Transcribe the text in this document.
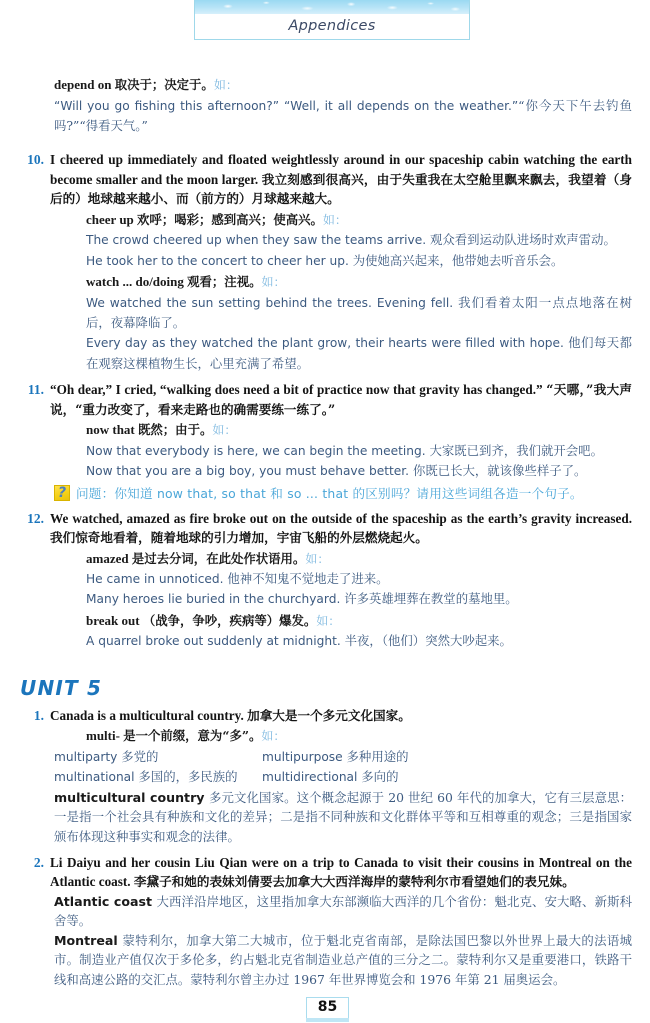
Appendices
depend on 取决于；决定于。如：
“Will you go fishing this afternoon?” “Well, it all depends on the weather.”“你今天下午去钓鱼吗?”“得看天气。”
10. I cheered up immediately and floated weightlessly around in our spaceship cabin watching the earth become smaller and the moon larger. 我立刻感到很高兴，由于失重我在太空舱里飘来飘去，我望着（身后的）地球越来越小、而（前方的）月球越来越大。
cheer up 欢呼；喝彩；感到高兴；使高兴。如：
The crowd cheered up when they saw the teams arrive. 观众看到运动队进场时欢声雷动。
He took her to the concert to cheer her up. 为使她高兴起来，他带她去听音乐会。
watch ... do/doing 观看；注视。如：
We watched the sun setting behind the trees. Evening fell. 我们看着太阳一点点地落在树后，夜幕降临了。
Every day as they watched the plant grow, their hearts were filled with hope. 他们每天都在观察这棵植物生长，心里充满了希望。
11. “Oh dear,” I cried, “walking does need a bit of practice now that gravity has changed.” “天哪，”我大声说，“重力改变了，看来走路也的确需要练一练了。”
now that 既然；由于。如：
Now that everybody is here, we can begin the meeting. 大家既已到齐，我们就开会吧。
Now that you are a big boy, you must behave better. 你既已长大，就该像些样子了。
? 问题：你知道 now that, so that 和 so ... that 的区别吗？请用这些词组各造一个句子。
12. We watched, amazed as fire broke out on the outside of the spaceship as the earth’s gravity increased. 我们惊奇地看着，随着地球的引力增加，宇宙飞船的外层燃烧起火。
amazed 是过去分词，在此处作状语用。如：
He came in unnoticed. 他神不知鬼不觉地走了进来。
Many heroes lie buried in the churchyard. 许多英雄埋葬在教堂的墓地里。
break out （战争，争吵，疾病等）爆发。如：
A quarrel broke out suddenly at midnight. 半夜，（他们）突然大吵起来。
UNIT 5
1. Canada is a multicultural country. 加拿大是一个多元文化国家。
multi- 是一个前缀，意为“多”。如：
multiparty 多党的
multinational 多国的，多民族的
multipurpose 多种用途的
multidirectional 多向的
multicultural country 多元文化国家。这个概念起源于 20 世纪 60 年代的加拿大，它有三层意思：一是指一个社会具有种族和文化的差异；二是指不同种族和文化群体平等和互相尊重的观念；三是指国家颁布体现这种事实和观念的法律。
2. Li Daiyu and her cousin Liu Qian were on a trip to Canada to visit their cousins in Montreal on the Atlantic coast. 李黛子和她的表妹刘倩要去加拿大大西洋海岸的蒙特利尔市看望她们的表兄妹。
Atlantic coast 大西洋沿岸地区，这里指加拿大东部濒临大西洋的几个省份：魁北克、安大略、新斯科舍等。
Montreal 蒙特利尔，加拿大第二大城市，位于魁北克省南部，是除法国巴黎以外世界上最大的法语城市。制造业产值仅次于多伦多，约占魁北克省制造业总产值的三分之二。蒙特利尔又是重要港口，铁路干线和高速公路的交汇点。蒙特利尔曾主办过 1967 年世界博览会和 1976 年第 21 届奥运会。
85
